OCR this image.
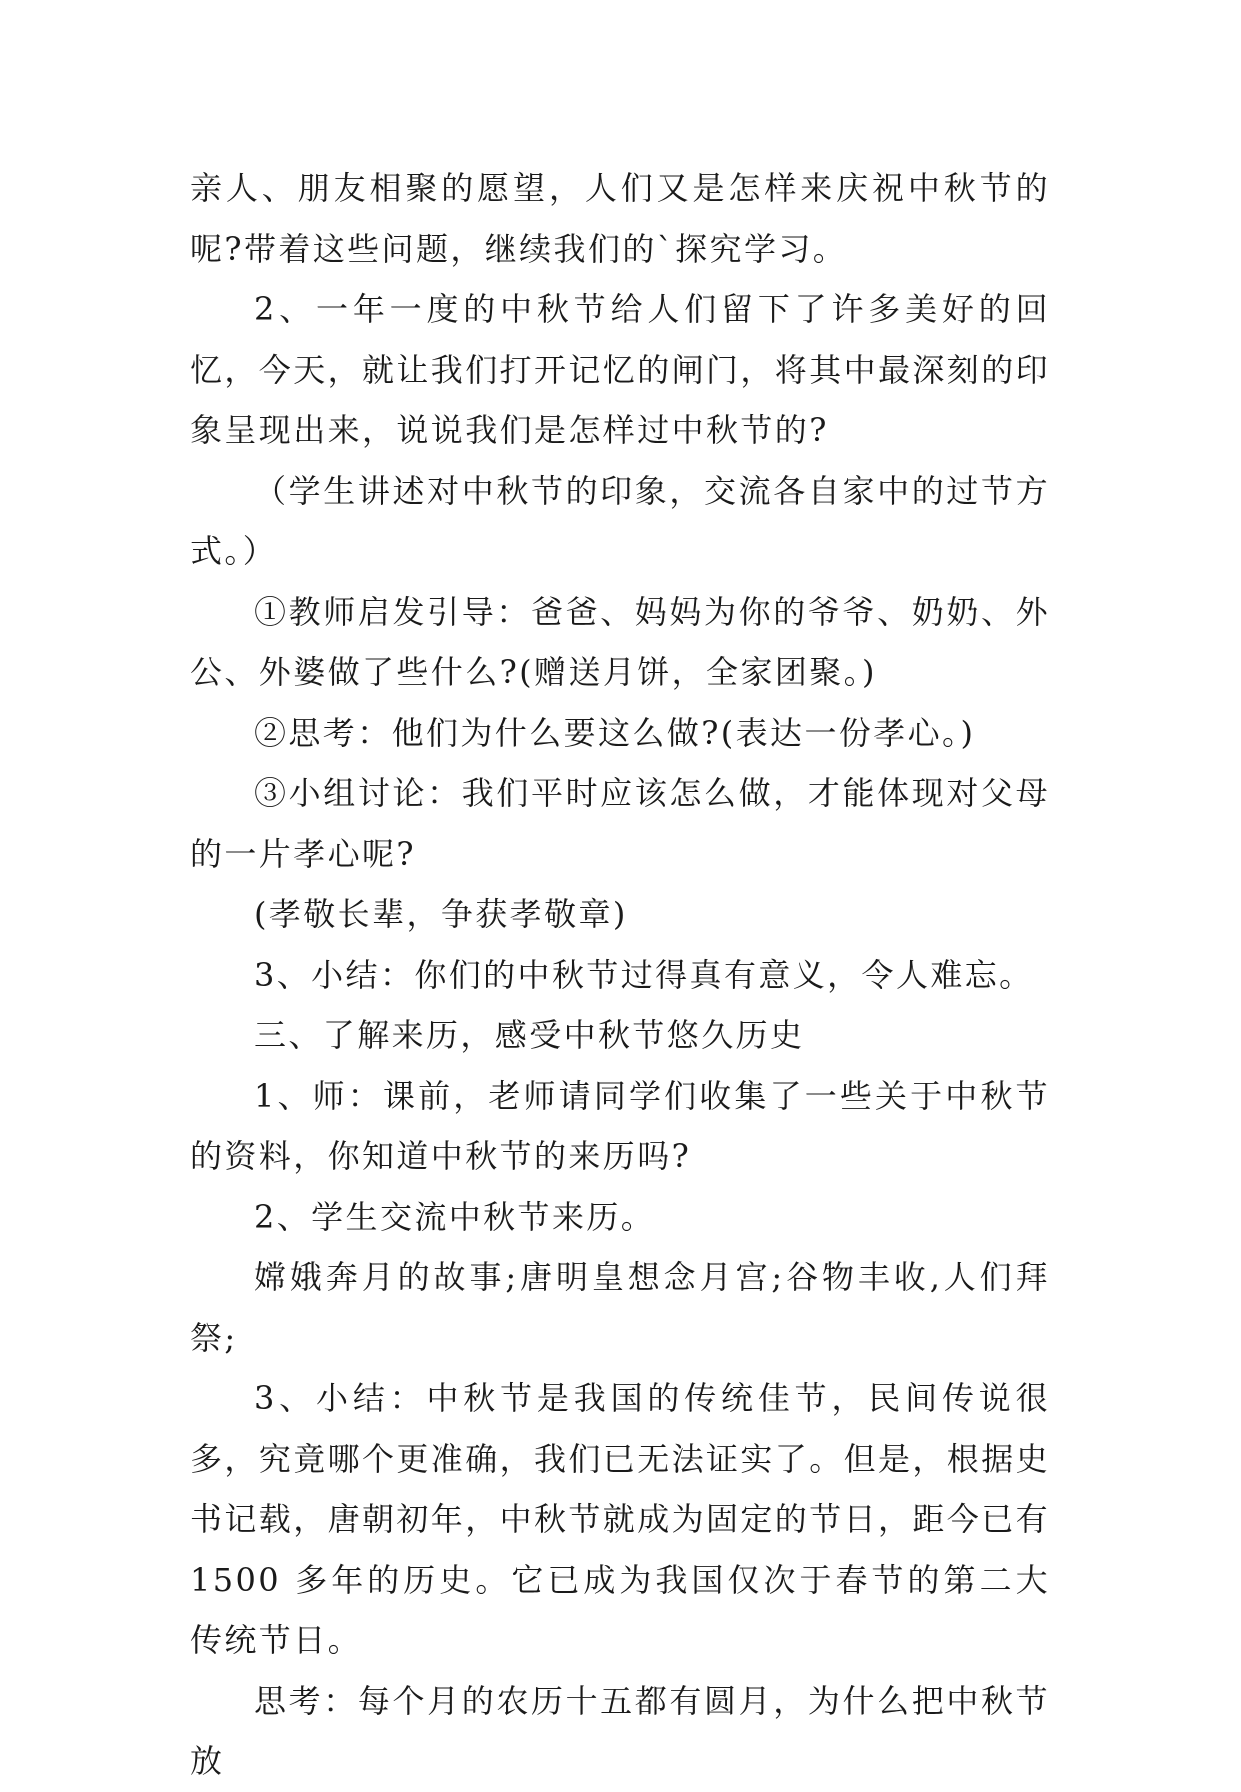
亲人、朋友相聚的愿望，人们又是怎样来庆祝中秋节的呢?带着这些问题，继续我们的`探究学习。

2、一年一度的中秋节给人们留下了许多美好的回忆，今天，就让我们打开记忆的闸门，将其中最深刻的印象呈现出来，说说我们是怎样过中秋节的?

（学生讲述对中秋节的印象，交流各自家中的过节方式。）

①教师启发引导：爸爸、妈妈为你的爷爷、奶奶、外公、外婆做了些什么?(赠送月饼，全家团聚。)

②思考：他们为什么要这么做?(表达一份孝心。)

③小组讨论：我们平时应该怎么做，才能体现对父母的一片孝心呢?

(孝敬长辈，争获孝敬章)

3、小结：你们的中秋节过得真有意义，令人难忘。

三、了解来历，感受中秋节悠久历史

1、师：课前，老师请同学们收集了一些关于中秋节的资料，你知道中秋节的来历吗?

2、学生交流中秋节来历。

嫦娥奔月的故事;唐明皇想念月宫;谷物丰收,人们拜祭;

3、小结：中秋节是我国的传统佳节，民间传说很多，究竟哪个更准确，我们已无法证实了。但是，根据史书记载，唐朝初年，中秋节就成为固定的节日，距今已有 1500 多年的历史。它已成为我国仅次于春节的第二大传统节日。

思考：每个月的农历十五都有圆月，为什么把中秋节放
